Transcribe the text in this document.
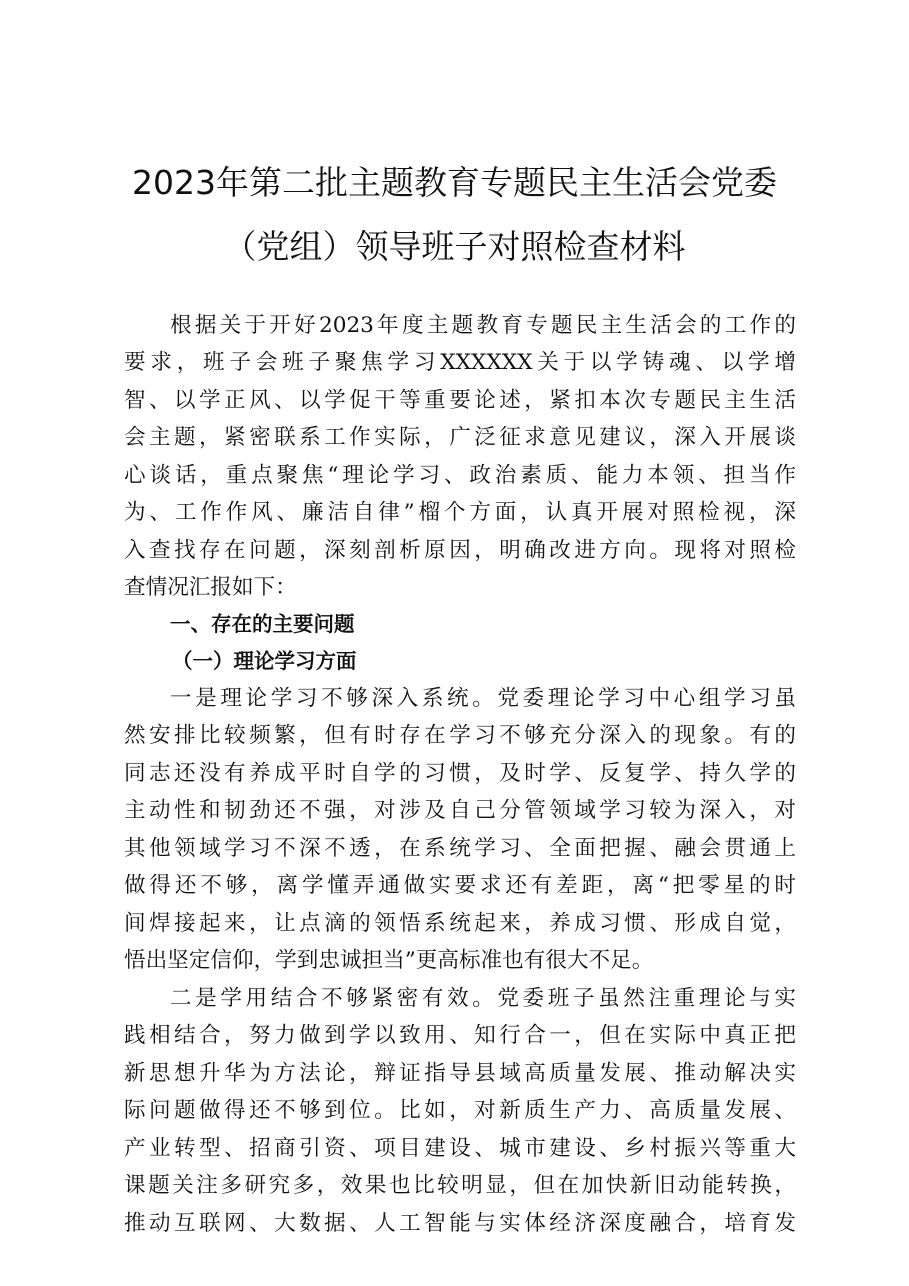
2023年第二批主题教育专题民主生活会党委
（党组）领导班子对照检查材料
根据关于开好2023年度主题教育专题民主生活会的工作的
要求，班子会班子聚焦学习XXXXXX关于以学铸魂、以学增
智、以学正风、以学促干等重要论述，紧扣本次专题民主生活
会主题，紧密联系工作实际，广泛征求意见建议，深入开展谈
心谈话，重点聚焦“理论学习、政治素质、能力本领、担当作
为、工作作风、廉洁自律”榴个方面，认真开展对照检视，深
入查找存在问题，深刻剖析原因，明确改进方向。现将对照检
查情况汇报如下：
一、存在的主要问题
（一）理论学习方面
一是理论学习不够深入系统。党委理论学习中心组学习虽
然安排比较频繁，但有时存在学习不够充分深入的现象。有的
同志还没有养成平时自学的习惯，及时学、反复学、持久学的
主动性和韧劲还不强，对涉及自己分管领域学习较为深入，对
其他领域学习不深不透，在系统学习、全面把握、融会贯通上
做得还不够，离学懂弄通做实要求还有差距，离“把零星的时
间焊接起来，让点滴的领悟系统起来，养成习惯、形成自觉，
悟出坚定信仰，学到忠诚担当”更高标准也有很大不足。
二是学用结合不够紧密有效。党委班子虽然注重理论与实
践相结合，努力做到学以致用、知行合一，但在实际中真正把
新思想升华为方法论，辩证指导县域高质量发展、推动解决实
际问题做得还不够到位。比如，对新质生产力、高质量发展、
产业转型、招商引资、项目建设、城市建设、乡村振兴等重大
课题关注多研究多，效果也比较明显，但在加快新旧动能转换，
推动互联网、大数据、人工智能与实体经济深度融合，培育发
